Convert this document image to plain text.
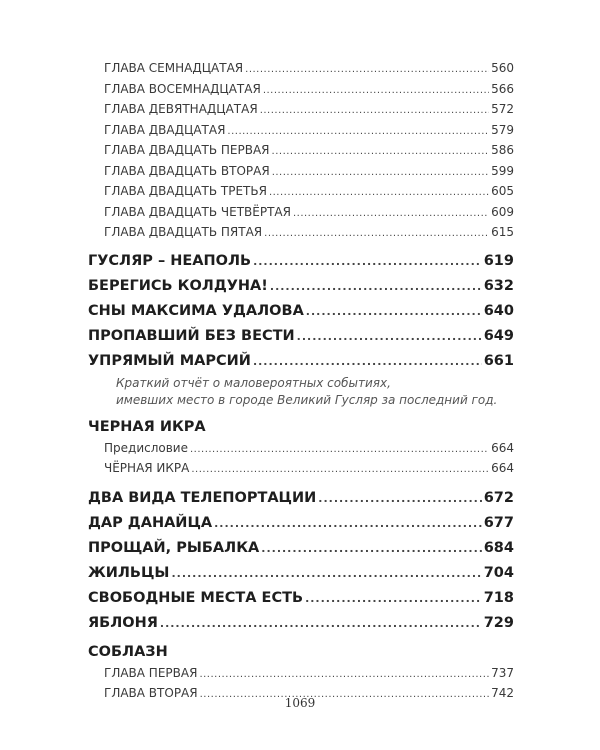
ГЛАВА СЕМНАДЦАТАЯ .....	560
ГЛАВА ВОСЕМНАДЦАТАЯ .....	566
ГЛАВА ДЕВЯТНАДЦАТАЯ .....	572
ГЛАВА ДВАДЦАТАЯ .....	579
ГЛАВА ДВАДЦАТЬ ПЕРВАЯ .....	586
ГЛАВА ДВАДЦАТЬ ВТОРАЯ .....	599
ГЛАВА ДВАДЦАТЬ ТРЕТЬЯ .....	605
ГЛАВА ДВАДЦАТЬ ЧЕТВЁРТАЯ .....	609
ГЛАВА ДВАДЦАТЬ ПЯТАЯ .....	615
ГУСЛЯР – НЕАПОЛЬ .....	619
БЕРЕГИСЬ КОЛДУНА! .....	632
СНЫ МАКСИМА УДАЛОВА .....	640
ПРОПАВШИЙ БЕЗ ВЕСТИ .....	649
УПРЯМЫЙ МАРСИЙ .....	661
Краткий отчёт о маловероятных событиях,
имевших место в городе Великий Гусляр за последний год.
ЧЕРНАЯ ИКРА
Предисловие .....	664
ЧЁРНАЯ ИКРА .....	664
ДВА ВИДА ТЕЛЕПОРТАЦИИ .....	672
ДАР ДАНАЙЦА .....	677
ПРОЩАЙ, РЫБАЛКА .....	684
ЖИЛЬЦЫ .....	704
СВОБОДНЫЕ МЕСТА ЕСТЬ .....	718
ЯБЛОНЯ .....	729
СОБЛАЗН
ГЛАВА ПЕРВАЯ .....	737
ГЛАВА ВТОРАЯ .....	742
1069
